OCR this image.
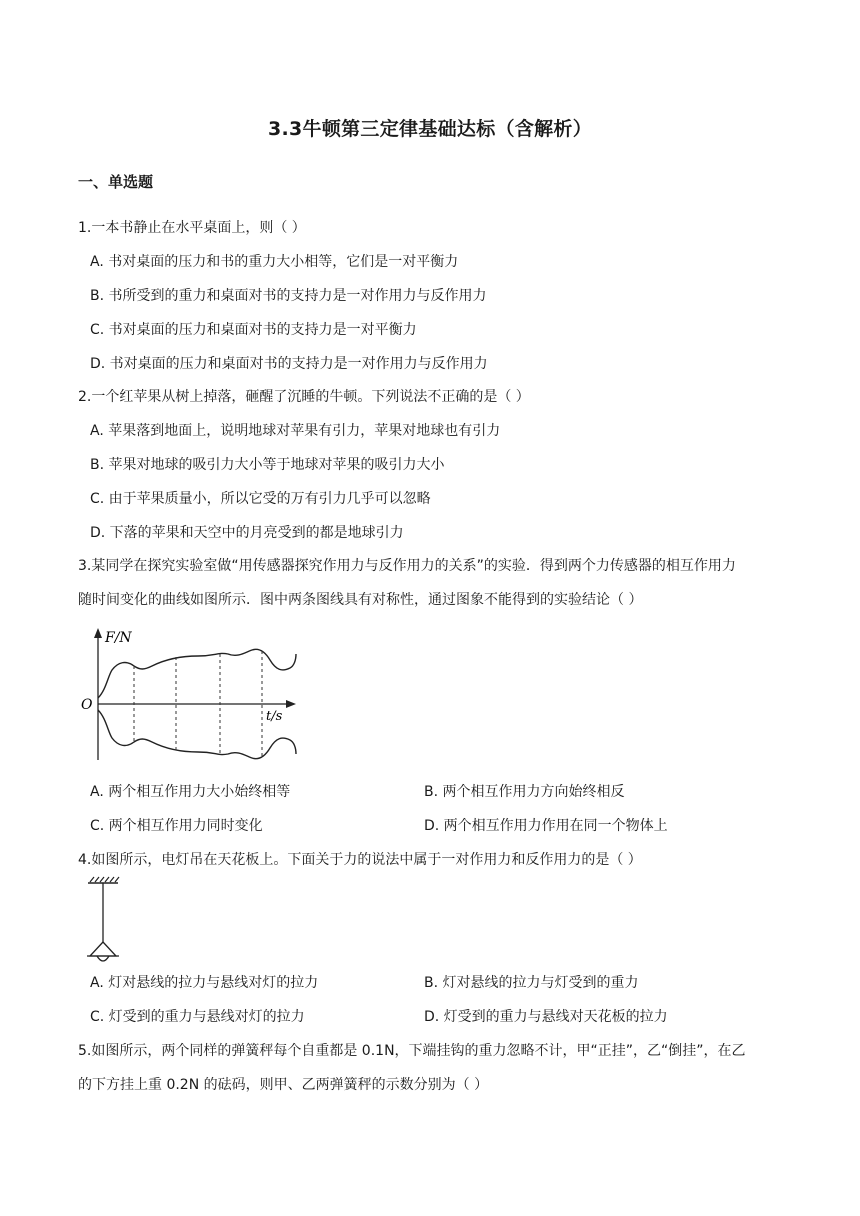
3.3牛顿第三定律基础达标（含解析）
一、单选题
1.一本书静止在水平桌面上，则（ ）
A. 书对桌面的压力和书的重力大小相等，它们是一对平衡力
B. 书所受到的重力和桌面对书的支持力是一对作用力与反作用力
C. 书对桌面的压力和桌面对书的支持力是一对平衡力
D. 书对桌面的压力和桌面对书的支持力是一对作用力与反作用力
2.一个红苹果从树上掉落，砸醒了沉睡的牛顿。下列说法不正确的是（ ）
A. 苹果落到地面上，说明地球对苹果有引力，苹果对地球也有引力
B. 苹果对地球的吸引力大小等于地球对苹果的吸引力大小
C. 由于苹果质量小，所以它受的万有引力几乎可以忽略
D. 下落的苹果和天空中的月亮受到的都是地球引力
3.某同学在探究实验室做“用传感器探究作用力与反作用力的关系”的实验．得到两个力传感器的相互作用力
随时间变化的曲线如图所示．图中两条图线具有对称性，通过图象不能得到的实验结论（ ）
F/N
O
t/s
A. 两个相互作用力大小始终相等	B. 两个相互作用力方向始终相反
C. 两个相互作用力同时变化	D. 两个相互作用力作用在同一个物体上
4.如图所示，电灯吊在天花板上。下面关于力的说法中属于一对作用力和反作用力的是（ ）
A. 灯对悬线的拉力与悬线对灯的拉力	B. 灯对悬线的拉力与灯受到的重力
C. 灯受到的重力与悬线对灯的拉力	D. 灯受到的重力与悬线对天花板的拉力
5.如图所示，两个同样的弹簧秤每个自重都是 0.1N，下端挂钩的重力忽略不计，甲“正挂”，乙“倒挂”，在乙
的下方挂上重 0.2N 的砝码，则甲、乙两弹簧秤的示数分别为（ ）
